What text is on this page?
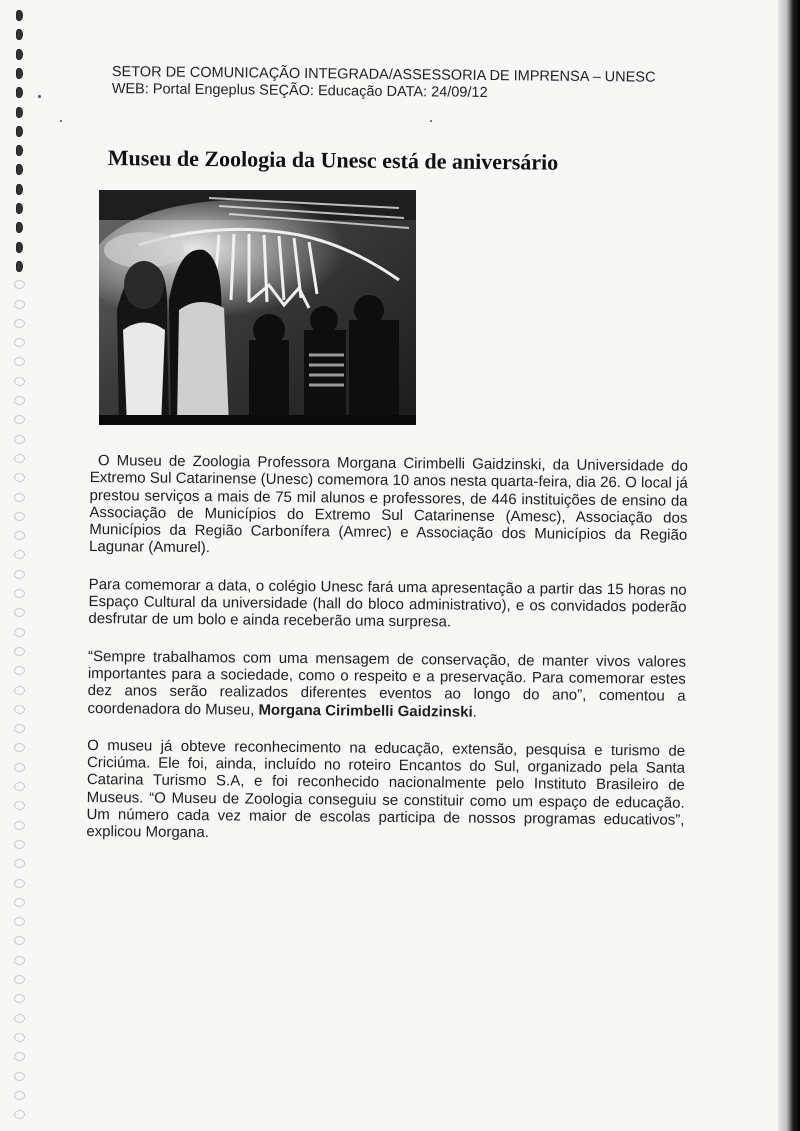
SETOR DE COMUNICAÇÃO INTEGRADA/ASSESSORIA DE IMPRENSA – UNESC
WEB: Portal Engeplus SEÇÃO: Educação DATA: 24/09/12
Museu de Zoologia da Unesc está de aniversário

O Museu de Zoologia Professora Morgana Cirimbelli Gaidzinski, da Universidade do Extremo Sul Catarinense (Unesc) comemora 10 anos nesta quarta-feira, dia 26. O local já prestou serviços a mais de 75 mil alunos e professores, de 446 instituições de ensino da Associação de Municípios do Extremo Sul Catarinense (Amesc), Associação dos Municípios da Região Carbonífera (Amrec) e Associação dos Municípios da Região Lagunar (Amurel).

Para comemorar a data, o colégio Unesc fará uma apresentação a partir das 15 horas no Espaço Cultural da universidade (hall do bloco administrativo), e os convidados poderão desfrutar de um bolo e ainda receberão uma surpresa.

“Sempre trabalhamos com uma mensagem de conservação, de manter vivos valores importantes para a sociedade, como o respeito e a preservação. Para comemorar estes dez anos serão realizados diferentes eventos ao longo do ano”, comentou a coordenadora do Museu, Morgana Cirimbelli Gaidzinski.

O museu já obteve reconhecimento na educação, extensão, pesquisa e turismo de Criciúma. Ele foi, ainda, incluído no roteiro Encantos do Sul, organizado pela Santa Catarina Turismo S.A, e foi reconhecido nacionalmente pelo Instituto Brasileiro de Museus. “O Museu de Zoologia conseguiu se constituir como um espaço de educação. Um número cada vez maior de escolas participa de nossos programas educativos”, explicou Morgana.
